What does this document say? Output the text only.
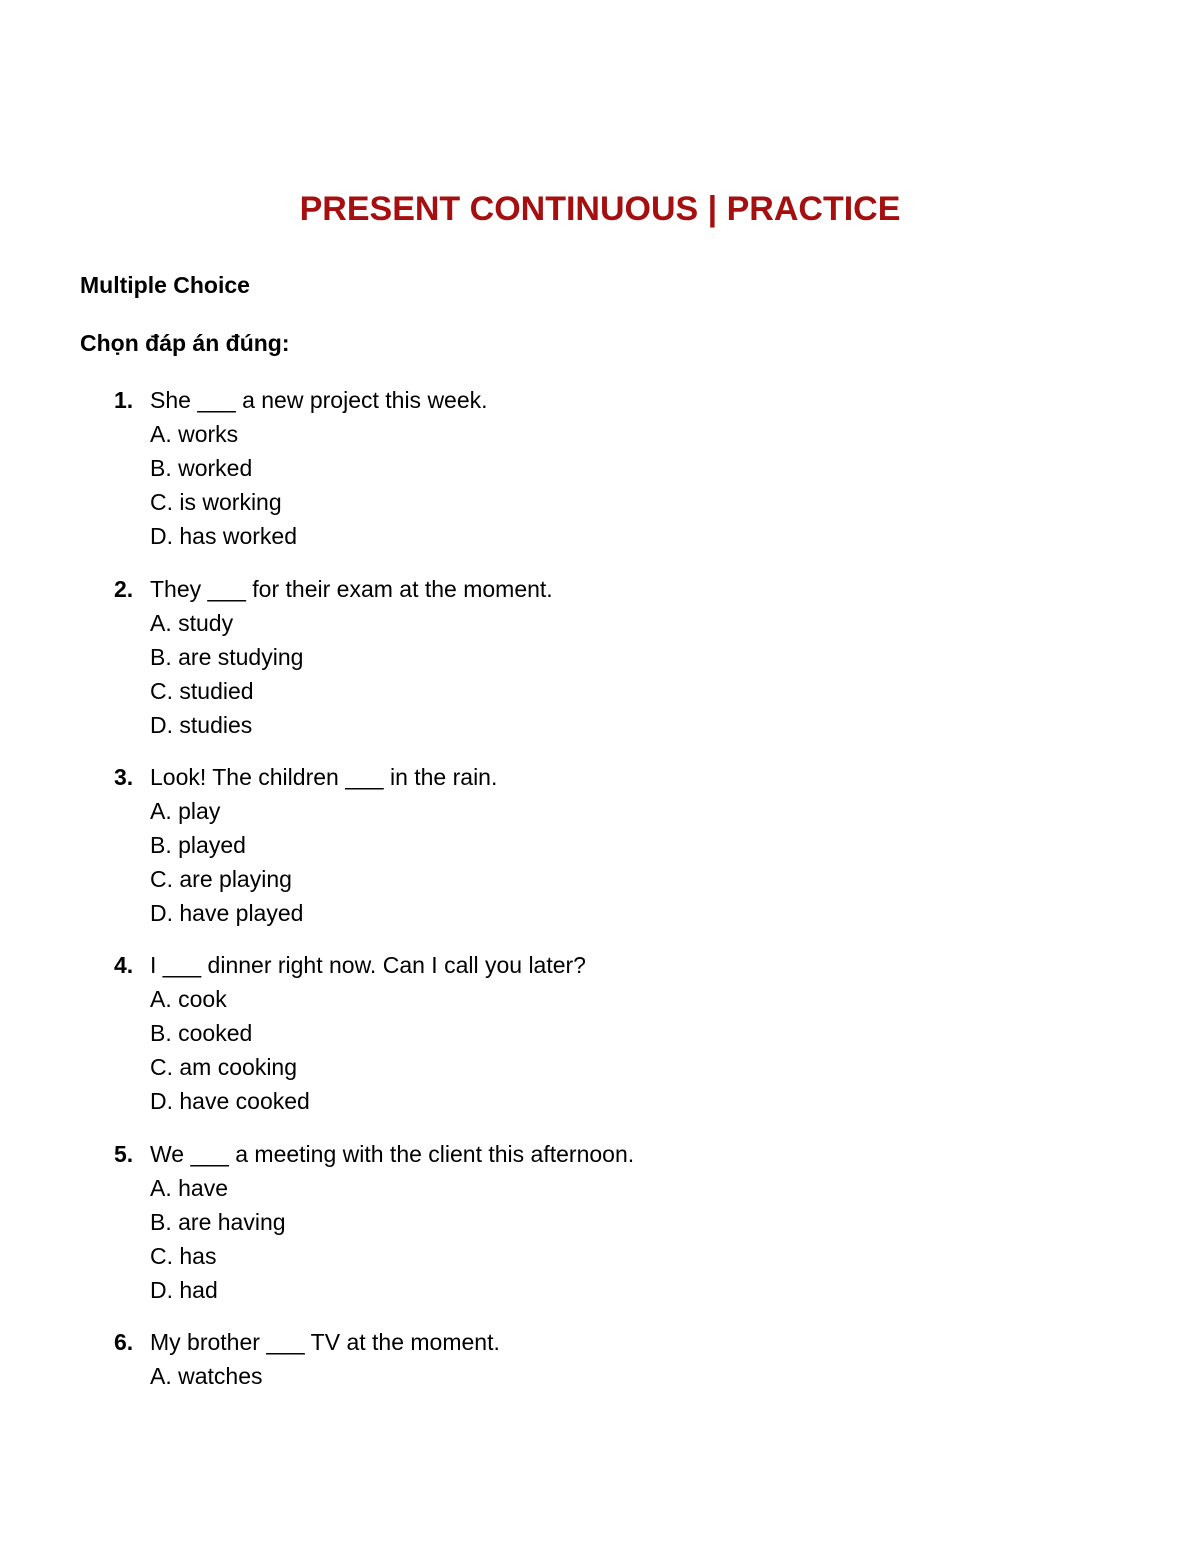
PRESENT CONTINUOUS | PRACTICE
Multiple Choice
Chọn đáp án đúng:
1. She ___ a new project this week.
A. works
B. worked
C. is working
D. has worked
2. They ___ for their exam at the moment.
A. study
B. are studying
C. studied
D. studies
3. Look! The children ___ in the rain.
A. play
B. played
C. are playing
D. have played
4. I ___ dinner right now. Can I call you later?
A. cook
B. cooked
C. am cooking
D. have cooked
5. We ___ a meeting with the client this afternoon.
A. have
B. are having
C. has
D. had
6. My brother ___ TV at the moment.
A. watches
